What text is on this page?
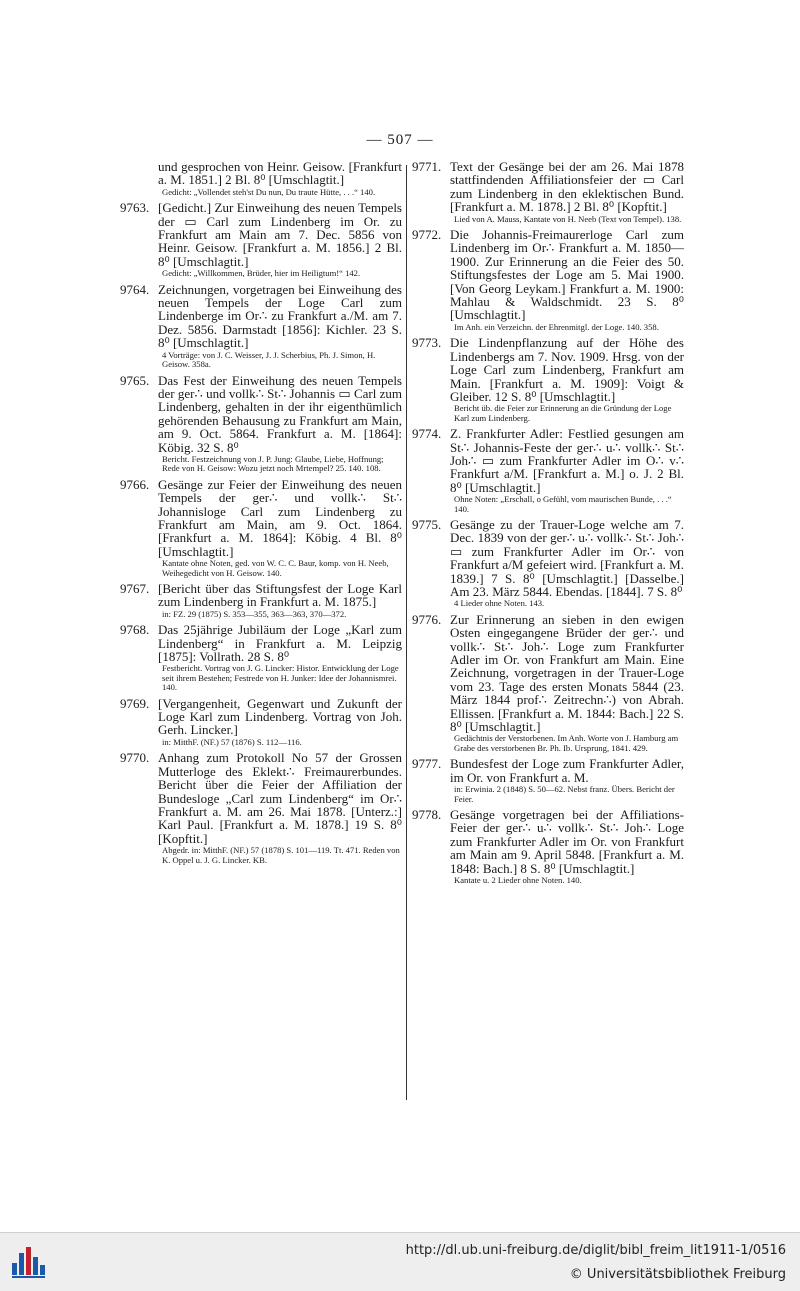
— 507 —
und gesprochen von Heinr. Geisow. [Frankfurt a. M. 1851.] 2 Bl. 8⁰ [Umschlagtit.]
Gedicht: „Vollendet steh'st Du nun, Du traute Hütte, . . .“ 140.
9763. [Gedicht.] Zur Einweihung des neuen Tempels der ▭ Carl zum Lindenberg im Or. zu Frankfurt am Main am 7. Dec. 5856 von Heinr. Geisow. [Frankfurt a. M. 1856.] 2 Bl. 8⁰ [Umschlagtit.]
Gedicht: „Willkommen, Brüder, hier im Heiligtum!“ 142.
9764. Zeichnungen, vorgetragen bei Einweihung des neuen Tempels der Loge Carl zum Lindenberge im Or∴ zu Frankfurt a./M. am 7. Dez. 5856. Darmstadt [1856]: Kichler. 23 S. 8⁰ [Umschlagtit.]
4 Vorträge: von J. C. Weisser, J. J. Scherbius, Ph. J. Simon, H. Geisow. 358a.
9765. Das Fest der Einweihung des neuen Tempels der ger∴ und vollk∴ St∴ Johannis ▭ Carl zum Lindenberg, gehalten in der ihr eigenthümlich gehörenden Behausung zu Frankfurt am Main, am 9. Oct. 5864. Frankfurt a. M. [1864]: Köbig. 32 S. 8⁰
Bericht. Festzeichnung von J. P. Jung: Glaube, Liebe, Hoffnung; Rede von H. Geisow: Wozu jetzt noch Mrtempel? 25. 140. 108.
9766. Gesänge zur Feier der Einweihung des neuen Tempels der ger∴ und vollk∴ St∴ Johannisloge Carl zum Lindenberg zu Frankfurt am Main, am 9. Oct. 1864. [Frankfurt a. M. 1864]: Köbig. 4 Bl. 8⁰ [Umschlagtit.]
Kantate ohne Noten, ged. von W. C. C. Baur, komp. von H. Neeb, Weihegedicht von H. Geisow. 140.
9767. [Bericht über das Stiftungsfest der Loge Karl zum Lindenberg in Frankfurt a. M. 1875.]
in: FZ. 29 (1875) S. 353—355, 363—363, 370—372.
9768. Das 25jährige Jubiläum der Loge „Karl zum Lindenberg“ in Frankfurt a. M. Leipzig [1875]: Vollrath. 28 S. 8⁰
Festbericht. Vortrag von J. G. Lincker: Histor. Entwicklung der Loge seit ihrem Bestehen; Festrede von H. Junker: Idee der Johannismrei. 140.
9769. [Vergangenheit, Gegenwart und Zukunft der Loge Karl zum Lindenberg. Vortrag von Joh. Gerh. Lincker.]
in: MitthF. (NF.) 57 (1876) S. 112—116.
9770. Anhang zum Protokoll No 57 der Grossen Mutterloge des Eklekt∴ Freimaurerbundes. Bericht über die Feier der Affiliation der Bundesloge „Carl zum Lindenberg“ im Or∴ Frankfurt a. M. am 26. Mai 1878. [Unterz.:] Karl Paul. [Frankfurt a. M. 1878.] 19 S. 8⁰ [Kopftit.]
Abgedr. in: MitthF. (NF.) 57 (1878) S. 101—119. Tt. 471. Reden von K. Oppel u. J. G. Lincker. KB.
9771. Text der Gesänge bei der am 26. Mai 1878 stattfindenden Affiliationsfeier der ▭ Carl zum Lindenberg in den eklektischen Bund. [Frankfurt a. M. 1878.] 2 Bl. 8⁰ [Kopftit.]
Lied von A. Mauss, Kantate von H. Neeb (Text von Tempel). 138.
9772. Die Johannis-Freimaurerloge Carl zum Lindenberg im Or∴ Frankfurt a. M. 1850—1900. Zur Erinnerung an die Feier des 50. Stiftungsfestes der Loge am 5. Mai 1900. [Von Georg Leykam.] Frankfurt a. M. 1900: Mahlau & Waldschmidt. 23 S. 8⁰ [Umschlagtit.]
Im Anh. ein Verzeichn. der Ehrenmitgl. der Loge. 140. 358.
9773. Die Lindenpflanzung auf der Höhe des Lindenbergs am 7. Nov. 1909. Hrsg. von der Loge Carl zum Lindenberg, Frankfurt am Main. [Frankfurt a. M. 1909]: Voigt & Gleiber. 12 S. 8⁰ [Umschlagtit.]
Bericht üb. die Feier zur Erinnerung an die Gründung der Loge Karl zum Lindenberg.
9774. Z. Frankfurter Adler: Festlied gesungen am St∴ Johannis-Feste der ger∴ u∴ vollk∴ St∴ Joh∴ ▭ zum Frankfurter Adler im O∴ v∴ Frankfurt a/M. [Frankfurt a. M.] o. J. 2 Bl. 8⁰ [Umschlagtit.]
Ohne Noten: „Erschall, o Gefühl, vom maurischen Bunde, . . .“ 140.
9775. Gesänge zu der Trauer-Loge welche am 7. Dec. 1839 von der ger∴ u∴ vollk∴ St∴ Joh∴ ▭ zum Frankfurter Adler im Or∴ von Frankfurt a/M gefeiert wird. [Frankfurt a. M. 1839.] 7 S. 8⁰ [Umschlagtit.] [Dasselbe.] Am 23. März 5844. Ebendas. [1844]. 7 S. 8⁰
4 Lieder ohne Noten. 143.
9776. Zur Erinnerung an sieben in den ewigen Osten eingegangene Brüder der ger∴ und vollk∴ St∴ Joh∴ Loge zum Frankfurter Adler im Or. von Frankfurt am Main. Eine Zeichnung, vorgetragen in der Trauer-Loge vom 23. Tage des ersten Monats 5844 (23. März 1844 prof∴ Zeitrechn∴) von Abrah. Ellissen. [Frankfurt a. M. 1844: Bach.] 22 S. 8⁰ [Umschlagtit.]
Gedächtnis der Verstorbenen. Im Anh. Worte von J. Hamburg am Grabe des verstorbenen Br. Ph. Ib. Ursprung, 1841. 429.
9777. Bundesfest der Loge zum Frankfurter Adler, im Or. von Frankfurt a. M.
in: Erwinia. 2 (1848) S. 50—62. Nebst franz. Übers. Bericht der Feier.
9778. Gesänge vorgetragen bei der Affiliations-Feier der ger∴ u∴ vollk∴ St∴ Joh∴ Loge zum Frankfurter Adler im Or. von Frankfurt am Main am 9. April 5848. [Frankfurt a. M. 1848: Bach.] 8 S. 8⁰ [Umschlagtit.]
Kantate u. 2 Lieder ohne Noten. 140.
http://dl.ub.uni-freiburg.de/diglit/bibl_freim_lit1911-1/0516
© Universitätsbibliothek Freiburg
